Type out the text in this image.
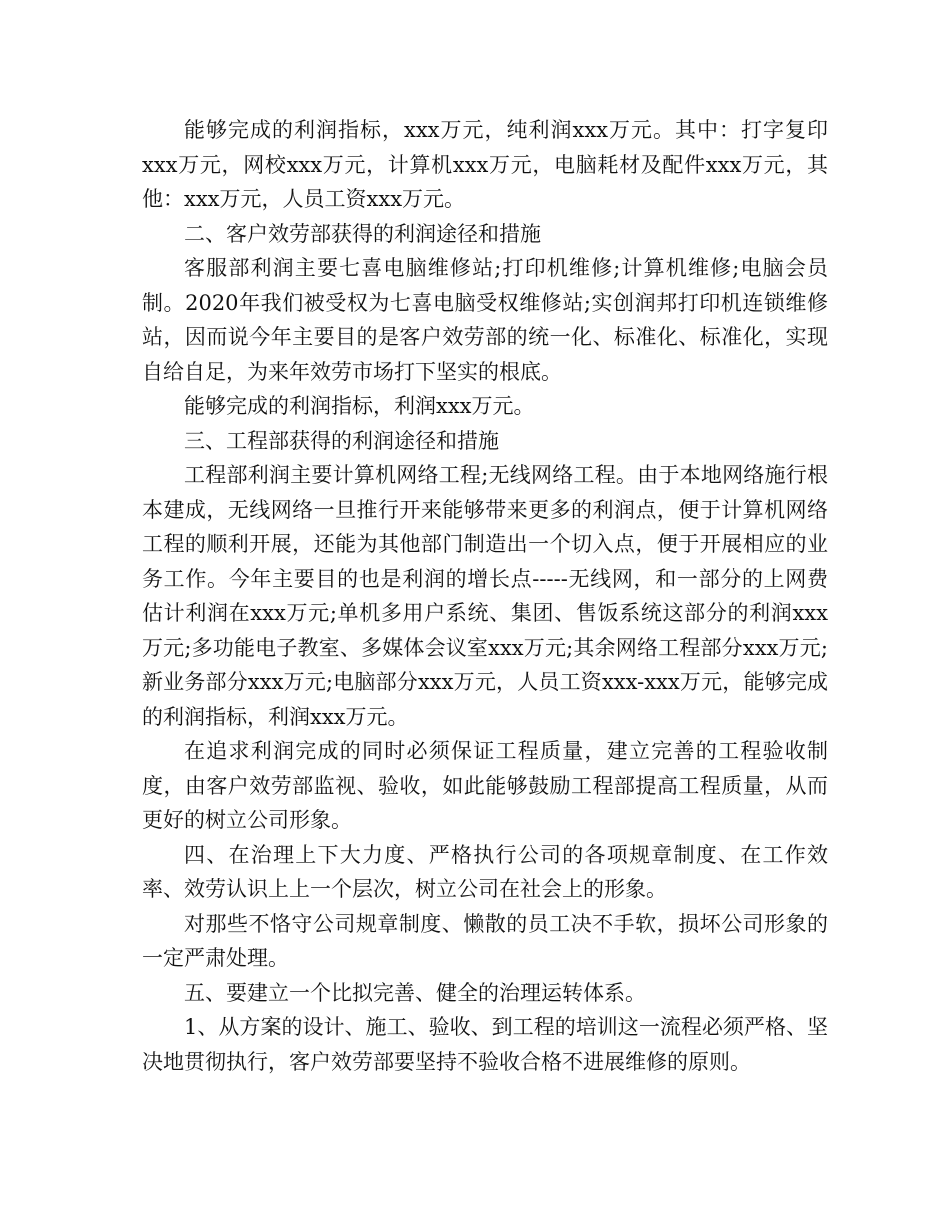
能够完成的利润指标，xxx万元，纯利润xxx万元。其中：打字复印xxx万元，网校xxx万元，计算机xxx万元，电脑耗材及配件xxx万元，其他：xxx万元，人员工资xxx万元。

二、客户效劳部获得的利润途径和措施

客服部利润主要七喜电脑维修站;打印机维修;计算机维修;电脑会员制。2020年我们被受权为七喜电脑受权维修站;实创润邦打印机连锁维修站，因而说今年主要目的是客户效劳部的统一化、标准化、标准化，实现自给自足，为来年效劳市场打下坚实的根底。

能够完成的利润指标，利润xxx万元。

三、工程部获得的利润途径和措施

工程部利润主要计算机网络工程;无线网络工程。由于本地网络施行根本建成，无线网络一旦推行开来能够带来更多的利润点，便于计算机网络工程的顺利开展，还能为其他部门制造出一个切入点，便于开展相应的业务工作。今年主要目的也是利润的增长点-----无线网，和一部分的上网费估计利润在xxx万元;单机多用户系统、集团、售饭系统这部分的利润xxx万元;多功能电子教室、多媒体会议室xxx万元;其余网络工程部分xxx万元;新业务部分xxx万元;电脑部分xxx万元，人员工资xxx-xxx万元，能够完成的利润指标，利润xxx万元。

在追求利润完成的同时必须保证工程质量，建立完善的工程验收制度，由客户效劳部监视、验收，如此能够鼓励工程部提高工程质量，从而更好的树立公司形象。

四、在治理上下大力度、严格执行公司的各项规章制度、在工作效率、效劳认识上上一个层次，树立公司在社会上的形象。

对那些不恪守公司规章制度、懒散的员工决不手软，损坏公司形象的一定严肃处理。

五、要建立一个比拟完善、健全的治理运转体系。

1、从方案的设计、施工、验收、到工程的培训这一流程必须严格、坚决地贯彻执行，客户效劳部要坚持不验收合格不进展维修的原则。
